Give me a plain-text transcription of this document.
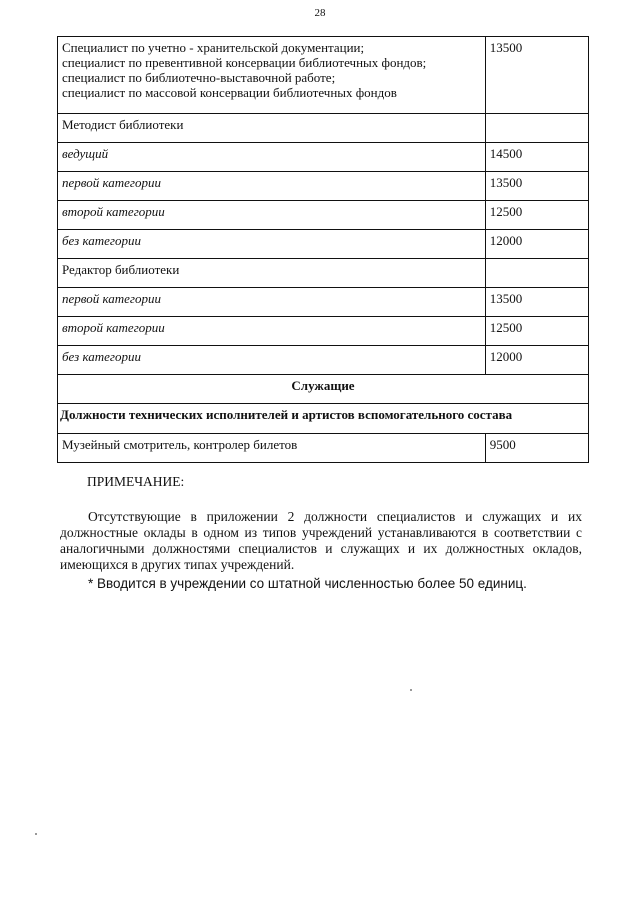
28
Специалист по учетно - хранительской документации;
специалист по превентивной консервации библиотечных фондов;
специалист по библиотечно-выставочной работе;
специалист по массовой консервации библиотечных фондов	13500
Методист библиотеки	
ведущий	14500
первой категории	13500
второй категории	12500
без категории	12000
Редактор библиотеки	
первой категории	13500
второй категории	12500
без категории	12000
Служащие	
Должности технических исполнителей и артистов вспомогательного состава	
Музейный смотритель, контролер билетов	9500
ПРИМЕЧАНИЕ:

Отсутствующие в приложении 2 должности специалистов и служащих и их должностные оклады в одном из типов учреждений устанавливаются в соответствии с аналогичными должностями специалистов и служащих и их должностных окладов, имеющихся в других типах учреждений.

* Вводится в учреждении со штатной численностью более 50 единиц.
